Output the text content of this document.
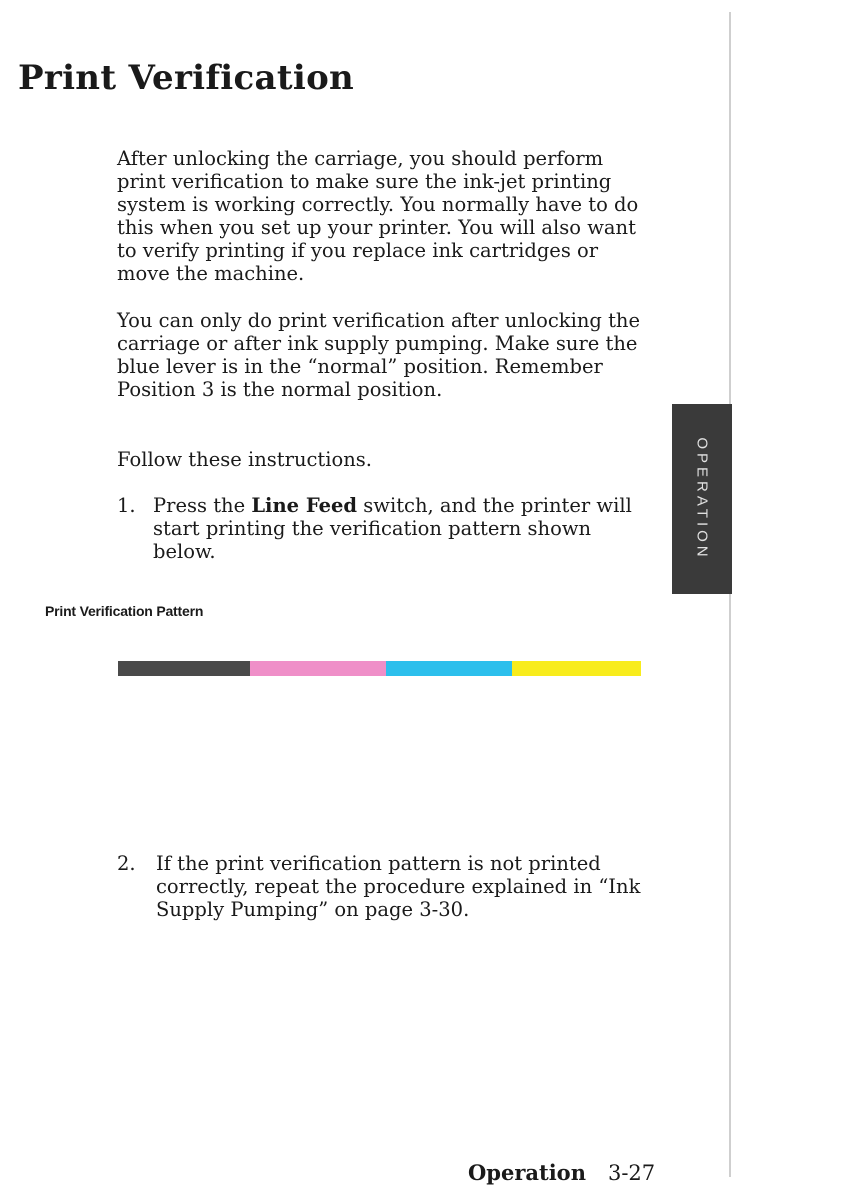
Print Verification

After unlocking the carriage, you should perform print verification to make sure the ink-jet printing system is working correctly. You normally have to do this when you set up your printer. You will also want to verify printing if you replace ink cartridges or move the machine.

You can only do print verification after unlocking the carriage or after ink supply pumping. Make sure the blue lever is in the “normal” position. Remember Position 3 is the normal position.

Follow these instructions.

1. Press the Line Feed switch, and the printer will start printing the verification pattern shown below.
Print Verification Pattern
2.	If the print verification pattern is not printed correctly, repeat the procedure explained in “Ink Supply Pumping” on page 3-30.
OPERATION
Operation 3-27
